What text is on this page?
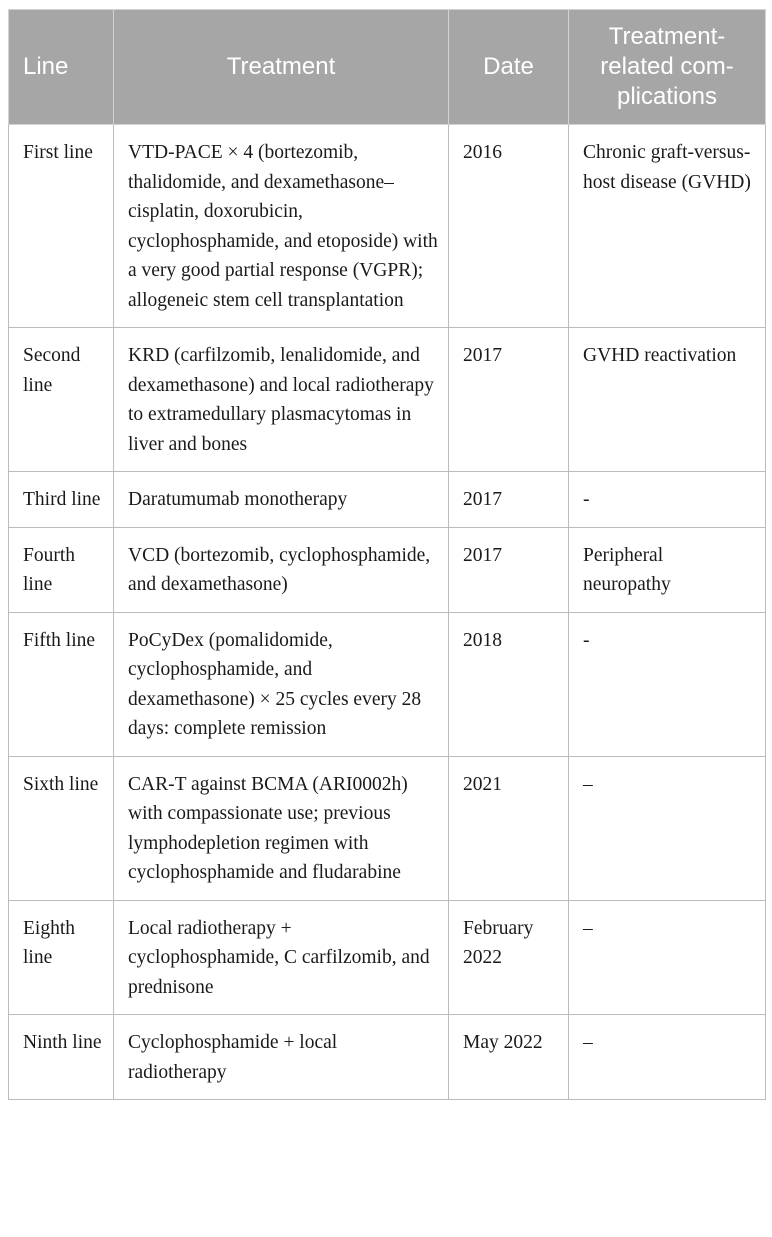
Line	Treatment	Date	Treatment-related com-plications
First line	VTD-PACE × 4 (bortezomib, thalidomide, and dexamethasone–cisplatin, doxorubicin, cyclophosphamide, and etoposide) with a very good partial response (VGPR); allogeneic stem cell transplantation	2016	Chronic graft-versus-host disease (GVHD)
Second line	KRD (carfilzomib, lenalidomide, and dexamethasone) and local radiotherapy to extramedullary plasmacytomas in liver and bones	2017	GVHD reactivation
Third line	Daratumumab monotherapy	2017	-
Fourth line	VCD (bortezomib, cyclophosphamide, and dexamethasone)	2017	Peripheral neuropathy
Fifth line	PoCyDex (pomalidomide, cyclophosphamide, and dexamethasone) × 25 cycles every 28 days: complete remission	2018	-
Sixth line	CAR-T against BCMA (ARI0002h) with compassionate use; previous lymphodepletion regimen with cyclophosphamide and fludarabine	2021	–
Eighth line	Local radiotherapy + cyclophosphamide, C carfilzomib, and prednisone	February 2022	–
Ninth line	Cyclophosphamide + local radiotherapy	May 2022	–
